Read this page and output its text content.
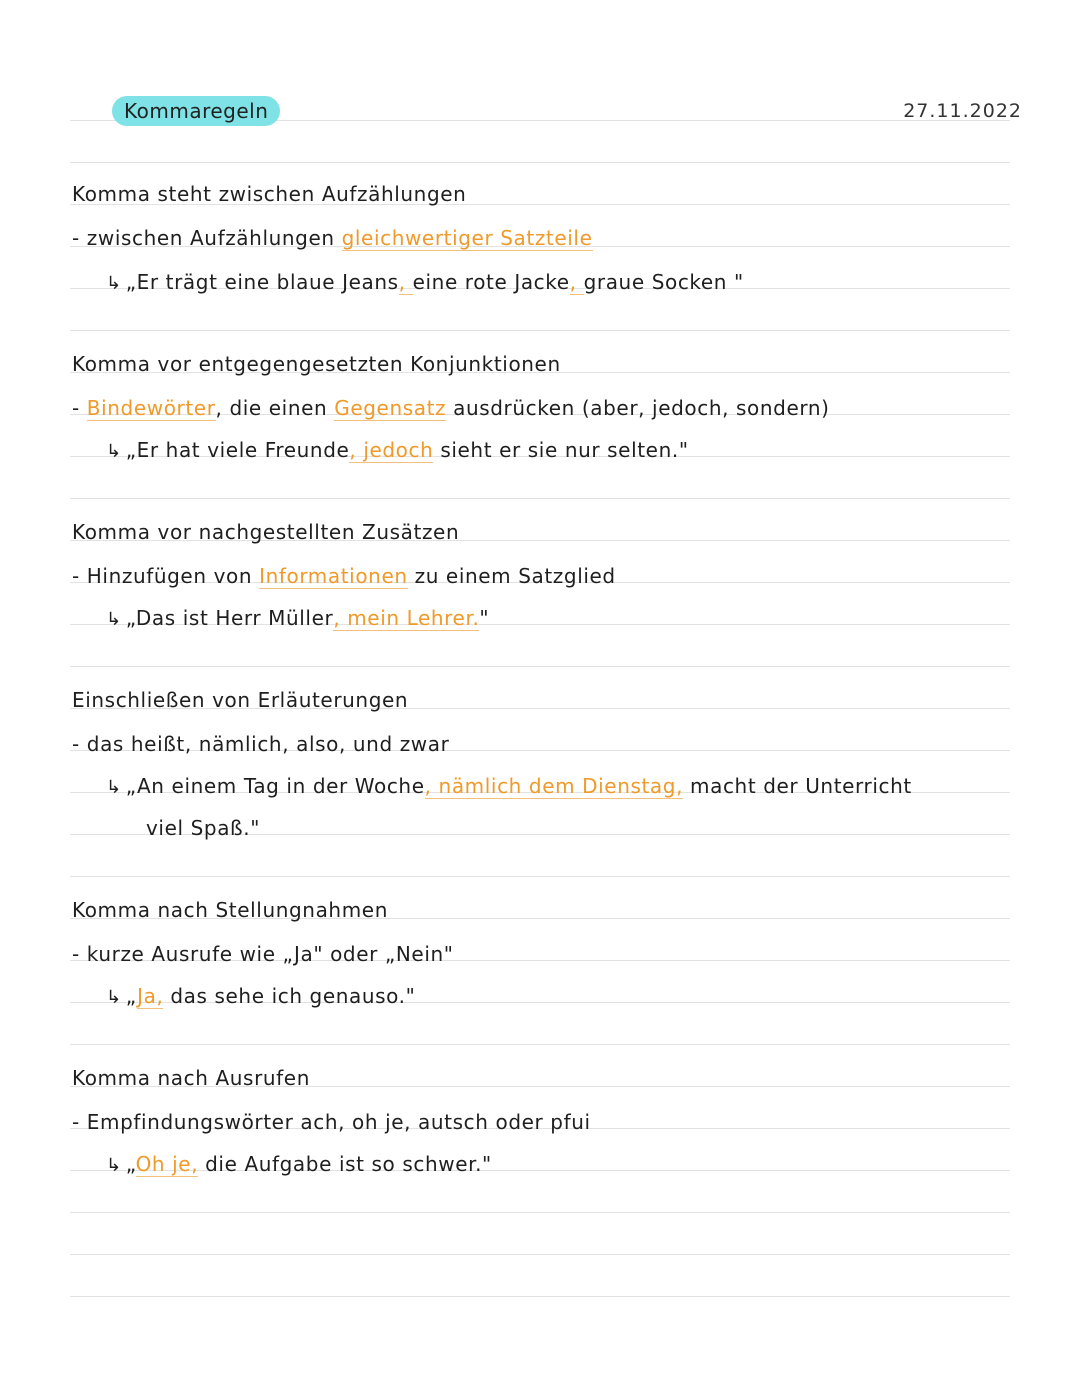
Kommaregeln	27.11.2022
Komma steht zwischen Aufzählungen
- zwischen Aufzählungen gleichwertiger Satzteile
↳ „Er trägt eine blaue Jeans, eine rote Jacke, graue Socken "
Komma vor entgegengesetzten Konjunktionen
- Bindewörter, die einen Gegensatz ausdrücken (aber, jedoch, sondern)
↳ „Er hat viele Freunde, jedoch sieht er sie nur selten."
Komma vor nachgestellten Zusätzen
- Hinzufügen von Informationen zu einem Satzglied
↳ „Das ist Herr Müller, mein Lehrer."
Einschließen von Erläuterungen
- das heißt, nämlich, also, und zwar
↳ „An einem Tag in der Woche, nämlich dem Dienstag, macht der Unterricht
viel Spaß."
Komma nach Stellungnahmen
- kurze Ausrufe wie „Ja" oder „Nein"
↳ „Ja, das sehe ich genauso."
Komma nach Ausrufen
- Empfindungswörter ach, oh je, autsch oder pfui
↳ „Oh je, die Aufgabe ist so schwer."
